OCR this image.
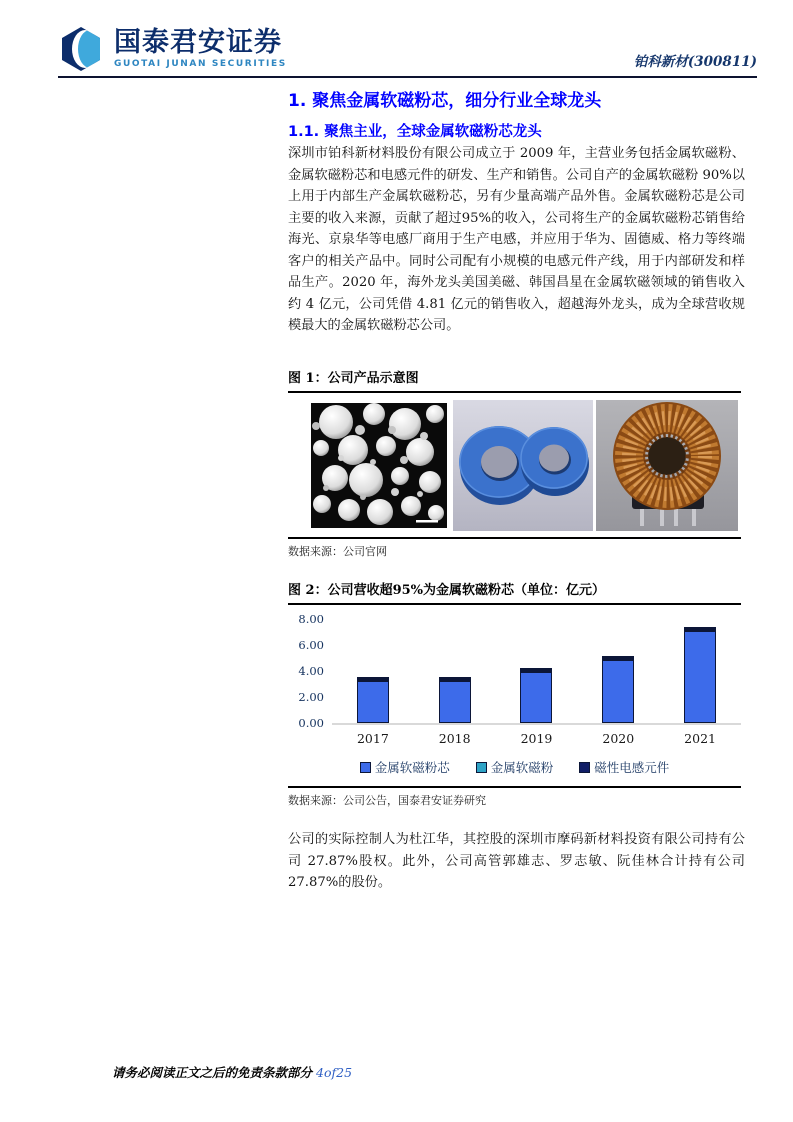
国泰君安证券
GUOTAI JUNAN SECURITIES	铂科新材(300811)
1. 聚焦金属软磁粉芯，细分行业全球龙头
1.1. 聚焦主业，全球金属软磁粉芯龙头
深圳市铂科新材料股份有限公司成立于 2009 年，主营业务包括金属软磁粉、金属软磁粉芯和电感元件的研发、生产和销售。公司自产的金属软磁粉 90%以上用于内部生产金属软磁粉芯，另有少量高端产品外售。金属软磁粉芯是公司主要的收入来源，贡献了超过95%的收入，公司将生产的金属软磁粉芯销售给海光、京泉华等电感厂商用于生产电感，并应用于华为、固德威、格力等终端客户的相关产品中。同时公司配有小规模的电感元件产线，用于内部研发和样品生产。2020 年，海外龙头美国美磁、韩国昌星在金属软磁领域的销售收入约 4 亿元，公司凭借 4.81 亿元的销售收入，超越海外龙头，成为全球营收规模最大的金属软磁粉芯公司。
图 1：公司产品示意图
数据来源：公司官网
图 2：公司营收超95%为金属软磁粉芯（单位：亿元）
0.00
2.00
4.00
6.00
8.00
2017	2018	2019	2020	2021
金属软磁粉芯	金属软磁粉	磁性电感元件
数据来源：公司公告，国泰君安证券研究
公司的实际控制人为杜江华，其控股的深圳市摩码新材料投资有限公司持有公司 27.87%股权。此外，公司高管郭雄志、罗志敏、阮佳林合计持有公司 27.87%的股份。
请务必阅读正文之后的免责条款部分 4of25
